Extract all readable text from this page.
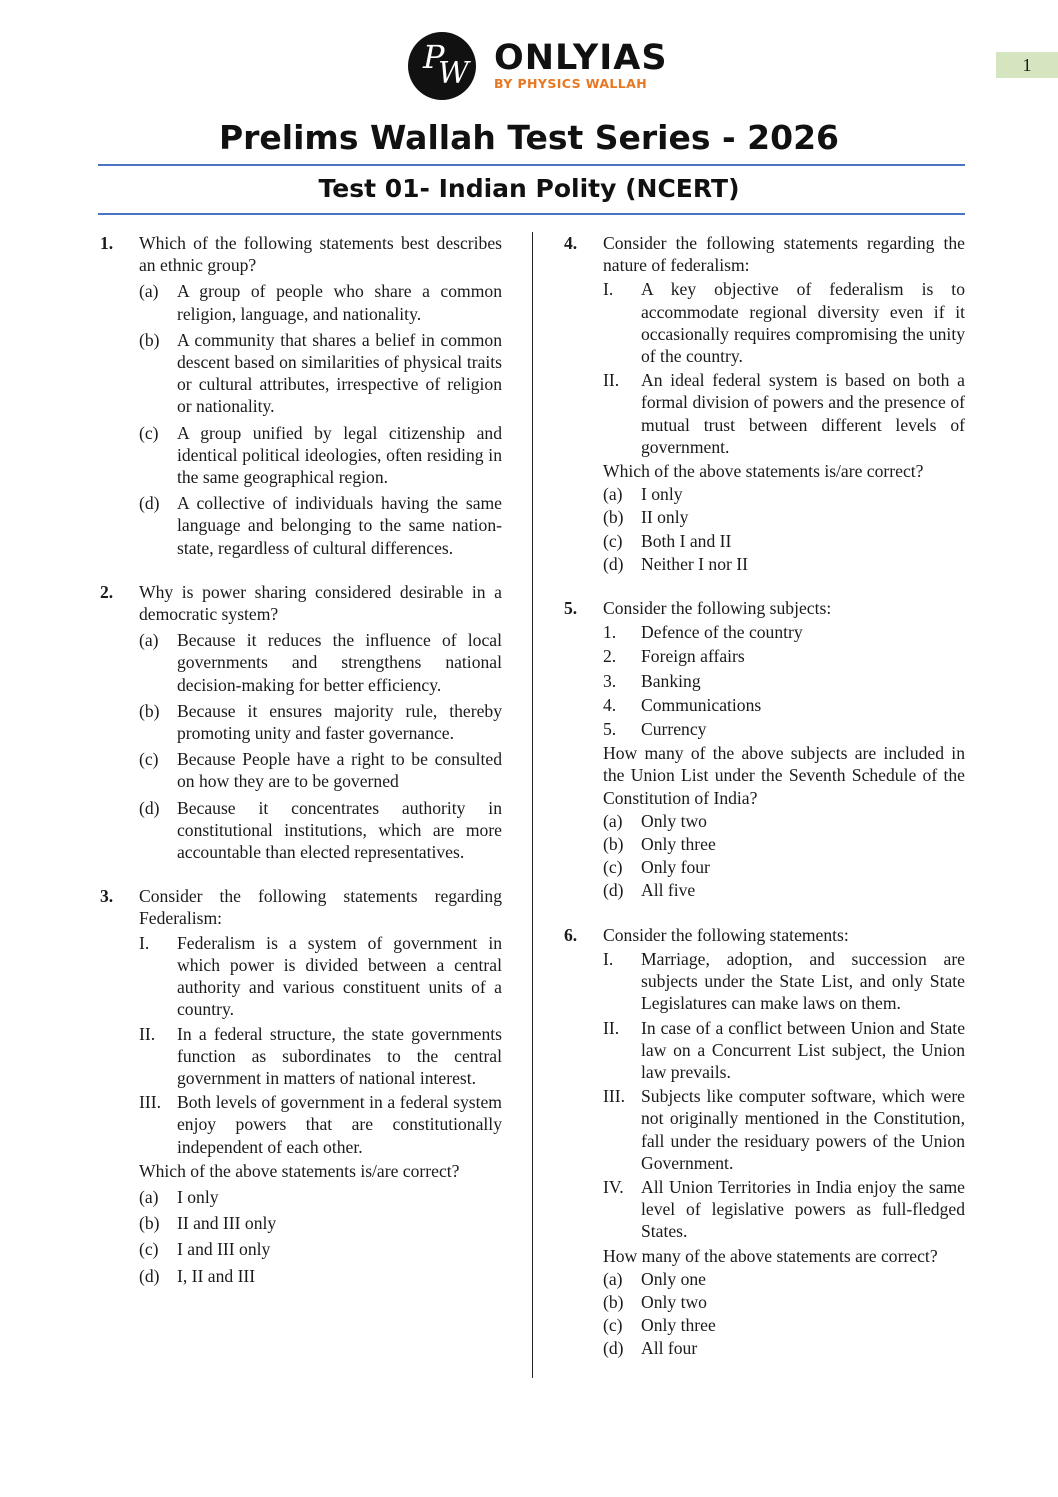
1
P
W ONLYIAS
BY PHYSICS WALLAH
Prelims Wallah Test Series - 2026
Test 01- Indian Polity (NCERT)
1. Which of the following statements best describes an ethnic group?
(a) A group of people who share a common religion, language, and nationality.
(b) A community that shares a belief in common descent based on similarities of physical traits or cultural attributes, irrespective of religion or nationality.
(c) A group unified by legal citizenship and identical political ideologies, often residing in the same geographical region.
(d) A collective of individuals having the same language and belonging to the same nation-state, regardless of cultural differences.
2. Why is power sharing considered desirable in a democratic system?
(a) Because it reduces the influence of local governments and strengthens national decision-making for better efficiency.
(b) Because it ensures majority rule, thereby promoting unity and faster governance.
(c) Because People have a right to be consulted on how they are to be governed
(d) Because it concentrates authority in constitutional institutions, which are more accountable than elected representatives.
3. Consider the following statements regarding Federalism:
I. Federalism is a system of government in which power is divided between a central authority and various constituent units of a country.
II. In a federal structure, the state governments function as subordinates to the central government in matters of national interest.
III. Both levels of government in a federal system enjoy powers that are constitutionally independent of each other.
Which of the above statements is/are correct?
(a) I only
(b) II and III only
(c) I and III only
(d) I, II and III
4. Consider the following statements regarding the nature of federalism:
I. A key objective of federalism is to accommodate regional diversity even if it occasionally requires compromising the unity of the country.
II. An ideal federal system is based on both a formal division of powers and the presence of mutual trust between different levels of government.
Which of the above statements is/are correct?
(a) I only
(b) II only
(c) Both I and II
(d) Neither I nor II
5. Consider the following subjects:
1. Defence of the country
2. Foreign affairs
3. Banking
4. Communications
5. Currency
How many of the above subjects are included in the Union List under the Seventh Schedule of the Constitution of India?
(a) Only two
(b) Only three
(c) Only four
(d) All five
6. Consider the following statements:
I. Marriage, adoption, and succession are subjects under the State List, and only State Legislatures can make laws on them.
II. In case of a conflict between Union and State law on a Concurrent List subject, the Union law prevails.
III. Subjects like computer software, which were not originally mentioned in the Constitution, fall under the residuary powers of the Union Government.
IV. All Union Territories in India enjoy the same level of legislative powers as full-fledged States.
How many of the above statements are correct?
(a) Only one
(b) Only two
(c) Only three
(d) All four
